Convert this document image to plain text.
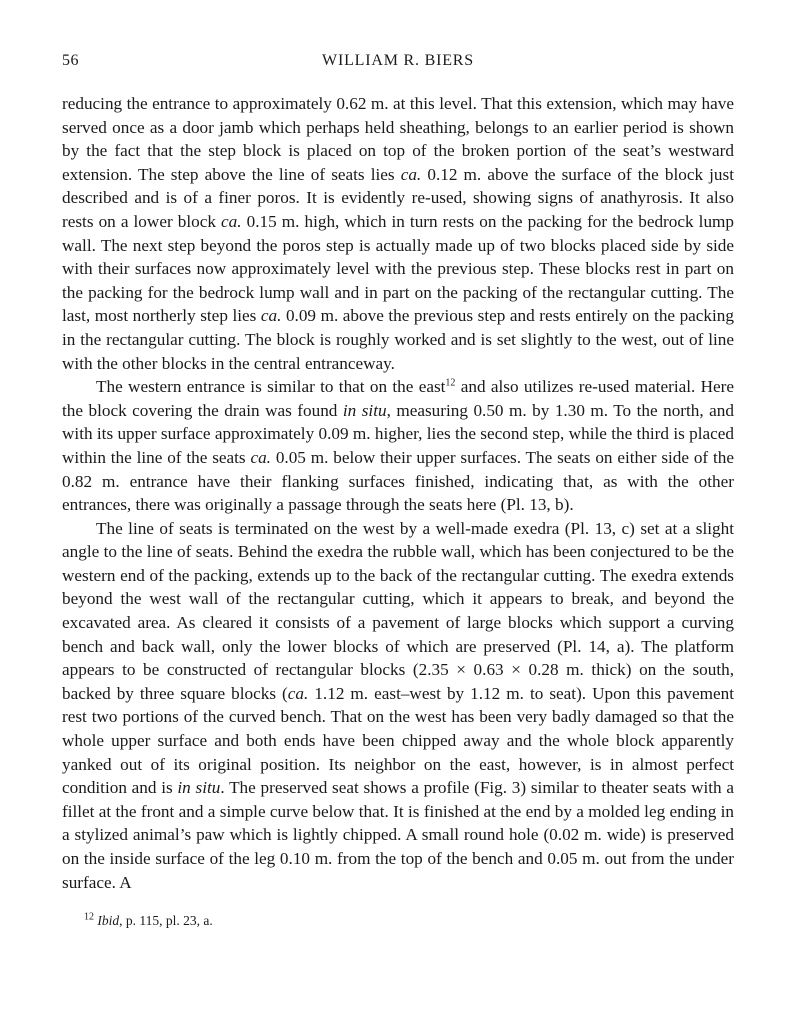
56	WILLIAM R. BIERS

reducing the entrance to approximately 0.62 m. at this level. That this extension, which may have served once as a door jamb which perhaps held sheathing, belongs to an earlier period is shown by the fact that the step block is placed on top of the broken portion of the seat’s westward extension. The step above the line of seats lies ca. 0.12 m. above the surface of the block just described and is of a finer poros. It is evidently re-used, showing signs of anathyrosis. It also rests on a lower block ca. 0.15 m. high, which in turn rests on the packing for the bedrock lump wall. The next step beyond the poros step is actually made up of two blocks placed side by side with their surfaces now approximately level with the previous step. These blocks rest in part on the packing for the bedrock lump wall and in part on the packing of the rectangular cutting. The last, most northerly step lies ca. 0.09 m. above the previous step and rests entirely on the packing in the rectangular cutting. The block is roughly worked and is set slightly to the west, out of line with the other blocks in the central entranceway.

The western entrance is similar to that on the east$^{12}$ and also utilizes re-used material. Here the block covering the drain was found in situ, measuring 0.50 m. by 1.30 m. To the north, and with its upper surface approximately 0.09 m. higher, lies the second step, while the third is placed within the line of the seats ca. 0.05 m. below their upper surfaces. The seats on either side of the 0.82 m. entrance have their flanking surfaces finished, indicating that, as with the other entrances, there was originally a passage through the seats here (Pl. 13, b).

The line of seats is terminated on the west by a well-made exedra (Pl. 13, c) set at a slight angle to the line of seats. Behind the exedra the rubble wall, which has been conjectured to be the western end of the packing, extends up to the back of the rectangular cutting. The exedra extends beyond the west wall of the rectangular cutting, which it appears to break, and beyond the excavated area. As cleared it consists of a pavement of large blocks which support a curving bench and back wall, only the lower blocks of which are preserved (Pl. 14, a). The platform appears to be constructed of rectangular blocks (2.35 × 0.63 × 0.28 m. thick) on the south, backed by three square blocks (ca. 1.12 m. east–west by 1.12 m. to seat). Upon this pavement rest two portions of the curved bench. That on the west has been very badly damaged so that the whole upper surface and both ends have been chipped away and the whole block apparently yanked out of its original position. Its neighbor on the east, however, is in almost perfect condition and is in situ. The preserved seat shows a profile (Fig. 3) similar to theater seats with a fillet at the front and a simple curve below that. It is finished at the end by a molded leg ending in a stylized animal’s paw which is lightly chipped. A small round hole (0.02 m. wide) is preserved on the inside surface of the leg 0.10 m. from the top of the bench and 0.05 m. out from the under surface. A

$^{12}$ Ibid, p. 115, pl. 23, a.
